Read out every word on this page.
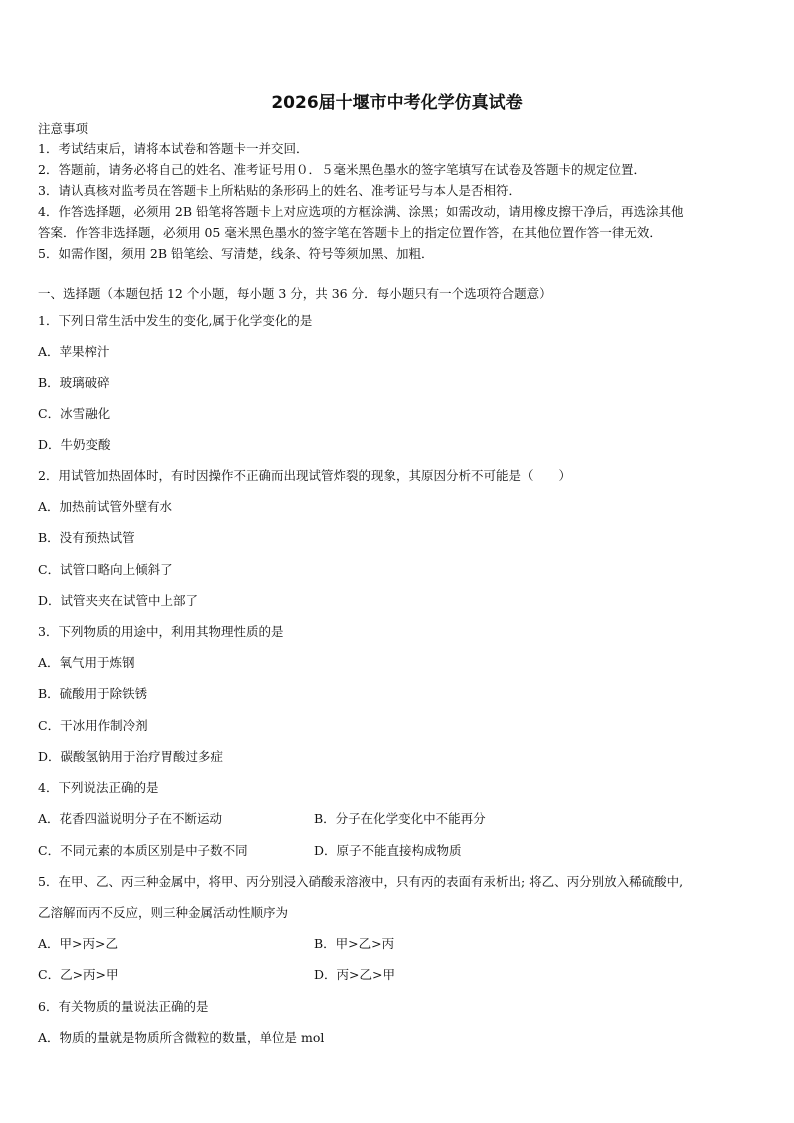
2026届十堰市中考化学仿真试卷
注意事项
1．考试结束后，请将本试卷和答题卡一并交回．
2．答题前，请务必将自己的姓名、准考证号用０．５毫米黑色墨水的签字笔填写在试卷及答题卡的规定位置．
3．请认真核对监考员在答题卡上所粘贴的条形码上的姓名、准考证号与本人是否相符．
4．作答选择题，必须用 2B 铅笔将答题卡上对应选项的方框涂满、涂黑；如需改动，请用橡皮擦干净后，再选涂其他
答案．作答非选择题，必须用 05 毫米黑色墨水的签字笔在答题卡上的指定位置作答，在其他位置作答一律无效．
5．如需作图，须用 2B 铅笔绘、写清楚，线条、符号等须加黑、加粗．
一、选择题（本题包括 12 个小题，每小题 3 分，共 36 分．每小题只有一个选项符合题意）
1．下列日常生活中发生的变化,属于化学变化的是
A．苹果榨汁
B．玻璃破碎
C．冰雪融化
D．牛奶变酸
2．用试管加热固体时，有时因操作不正确而出现试管炸裂的现象，其原因分析不可能是（　　）
A．加热前试管外壁有水
B．没有预热试管
C．试管口略向上倾斜了
D．试管夹夹在试管中上部了
3．下列物质的用途中，利用其物理性质的是
A．氧气用于炼钢
B．硫酸用于除铁锈
C．干冰用作制冷剂
D．碳酸氢钠用于治疗胃酸过多症
4．下列说法正确的是
A．花香四溢说明分子在不断运动	B．分子在化学变化中不能再分
C．不同元素的本质区别是中子数不同	D．原子不能直接构成物质
5．在甲、乙、丙三种金属中，将甲、丙分别浸入硝酸汞溶液中，只有丙的表面有汞析出; 将乙、丙分别放入稀硫酸中,
乙溶解而丙不反应，则三种金属活动性顺序为
A．甲>丙>乙	B．甲>乙>丙
C．乙>丙>甲	D．丙>乙>甲
6．有关物质的量说法正确的是
A．物质的量就是物质所含微粒的数量，单位是 mol
